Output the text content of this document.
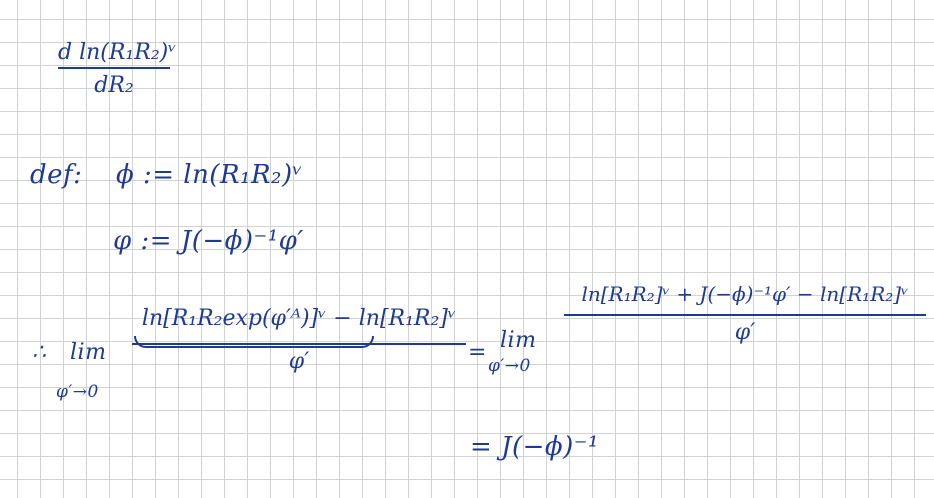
d ln(R₁R₂)ᵛ
dR₂
def: ϕ := ln(R₁R₂)ᵛ
φ := J(−ϕ)⁻¹φ′
∴ lim
φ′→0
ln[R₁R₂exp(φ′ᴬ)]ᵛ − ln[R₁R₂]ᵛ
φ′	= lim
φ′→0
ln[R₁R₂]ᵛ + J(−ϕ)⁻¹φ′ − ln[R₁R₂]ᵛ
φ′
= J(−ϕ)⁻¹
